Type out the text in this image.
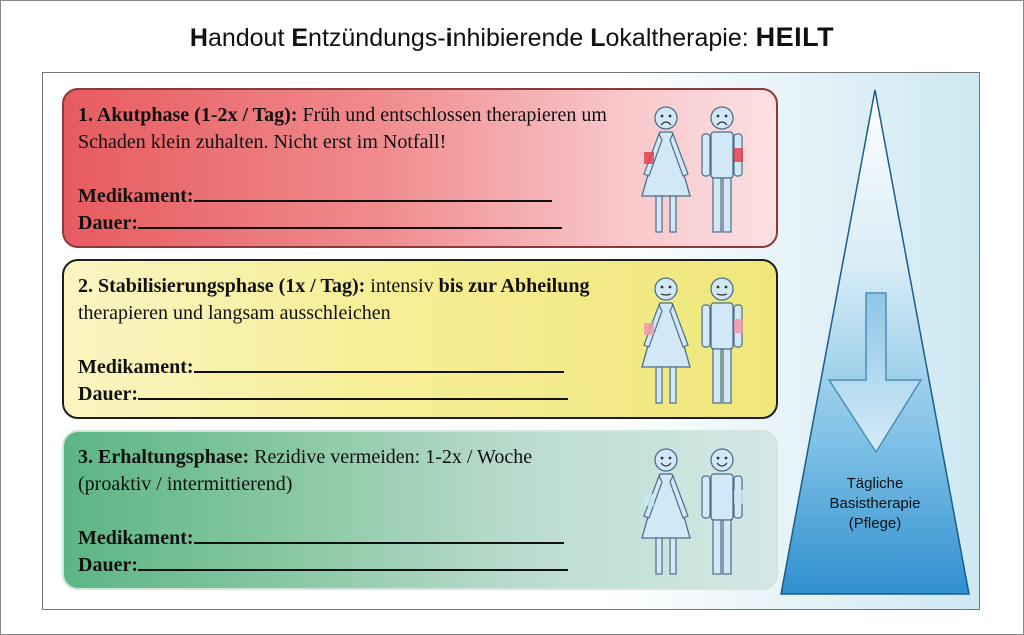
Handout Entzündungs-inhibierende Lokaltherapie: HEILT
1. Akutphase (1-2x / Tag): Früh und entschlossen therapieren um Schaden klein zuhalten. Nicht erst im Notfall!
Medikament:
Dauer:
2. Stabilisierungsphase (1x / Tag): intensiv bis zur Abheilung therapieren und langsam ausschleichen
Medikament:
Dauer:
3. Erhaltungsphase: Rezidive vermeiden: 1-2x / Woche (proaktiv / intermittierend)
Medikament:
Dauer:
Tägliche
Basistherapie
(Pflege)
